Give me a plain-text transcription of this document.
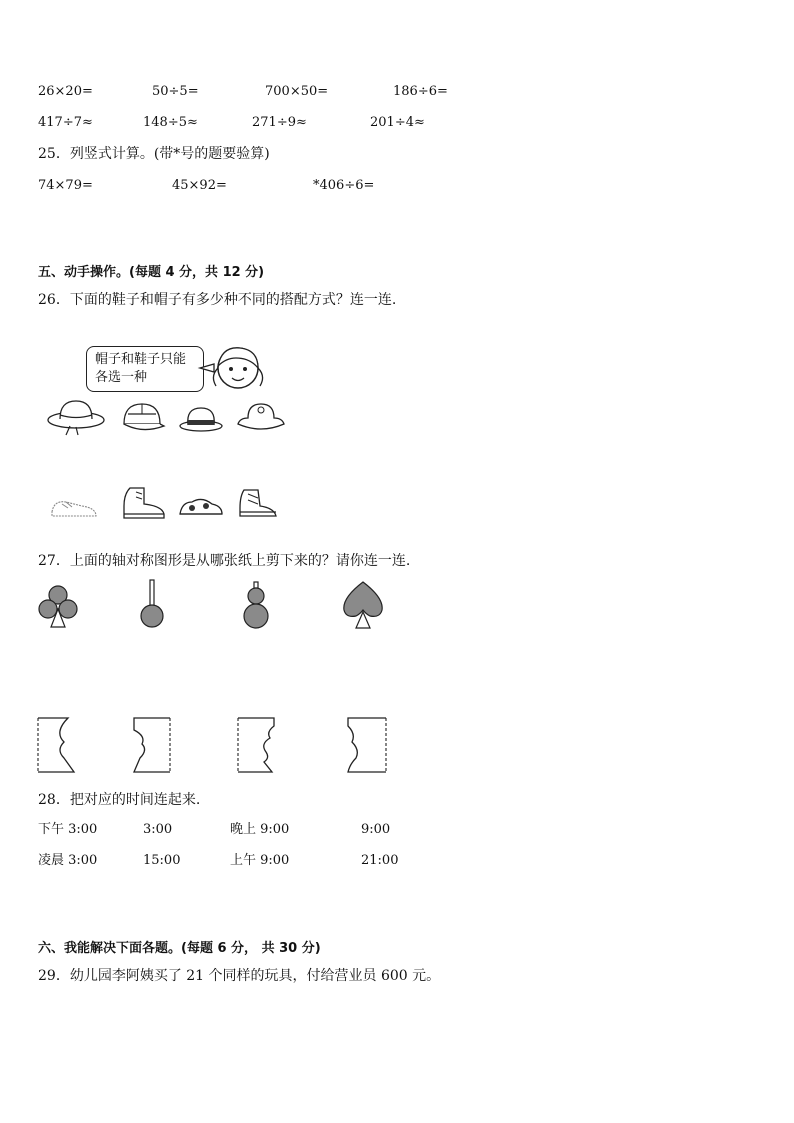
26×20=	50÷5=	700×50=	186÷6=
417÷7≈	148÷5≈	271÷9≈	201÷4≈
25．列竖式计算。(带*号的题要验算)
74×79=	45×92=	*406÷6=
五、动手操作。(每题 4 分，共 12 分)
26．下面的鞋子和帽子有多少种不同的搭配方式？连一连.
帽子和鞋子只能
各选一种
27．上面的轴对称图形是从哪张纸上剪下来的？请你连一连.
28．把对应的时间连起来.
下午 3:00	3:00	晚上 9:00	9:00
凌晨 3:00	15:00	上午 9:00	21:00
六、我能解决下面各题。(每题 6 分， 共 30 分)
29．幼儿园李阿姨买了 21 个同样的玩具，付给营业员 600 元。
